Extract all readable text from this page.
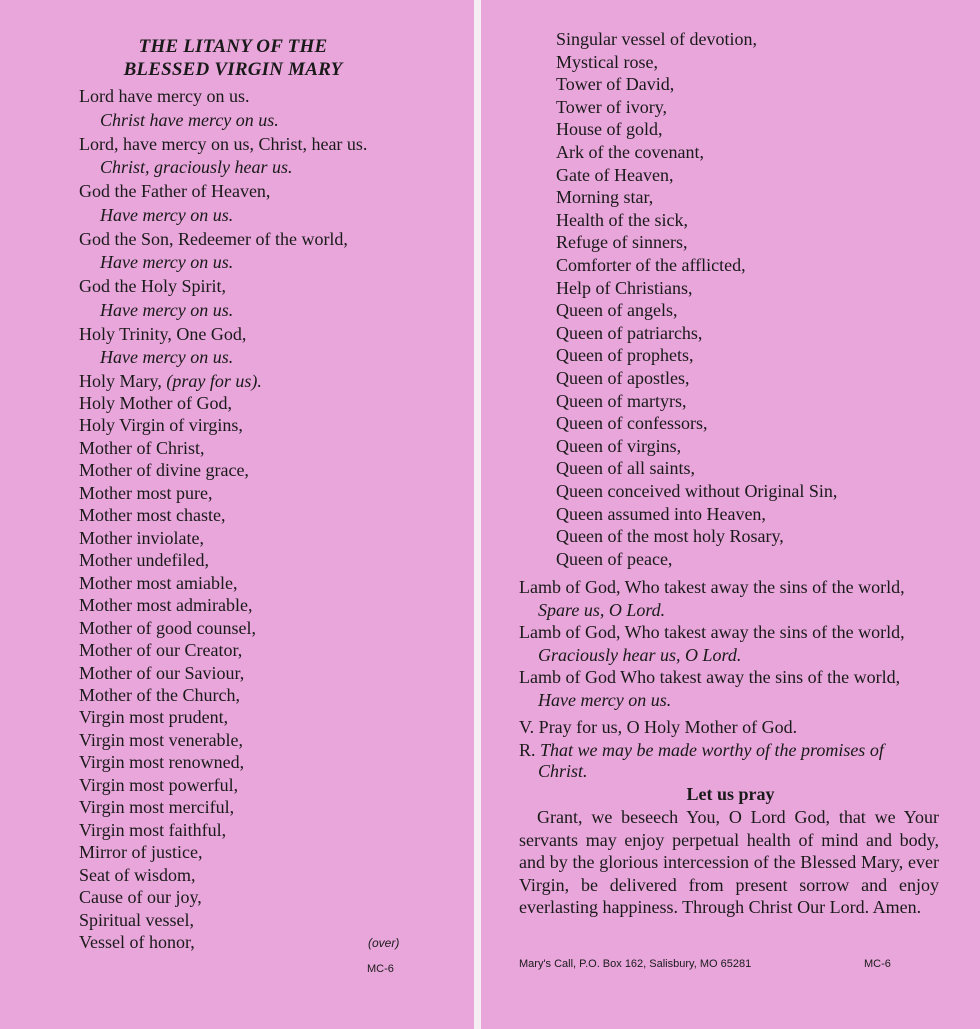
THE LITANY OF THE
BLESSED VIRGIN MARY
Lord have mercy on us.
Christ have mercy on us.
Lord, have mercy on us, Christ, hear us.
Christ, graciously hear us.
God the Father of Heaven,
Have mercy on us.
God the Son, Redeemer of the world,
Have mercy on us.
God the Holy Spirit,
Have mercy on us.
Holy Trinity, One God,
Have mercy on us.
Holy Mary, (pray for us).
Holy Mother of God,
Holy Virgin of virgins,
Mother of Christ,
Mother of divine grace,
Mother most pure,
Mother most chaste,
Mother inviolate,
Mother undefiled,
Mother most amiable,
Mother most admirable,
Mother of good counsel,
Mother of our Creator,
Mother of our Saviour,
Mother of the Church,
Virgin most prudent,
Virgin most venerable,
Virgin most renowned,
Virgin most powerful,
Virgin most merciful,
Virgin most faithful,
Mirror of justice,
Seat of wisdom,
Cause of our joy,
Spiritual vessel,
Vessel of honor,	(over)
MC-6
Singular vessel of devotion,
Mystical rose,
Tower of David,
Tower of ivory,
House of gold,
Ark of the covenant,
Gate of Heaven,
Morning star,
Health of the sick,
Refuge of sinners,
Comforter of the afflicted,
Help of Christians,
Queen of angels,
Queen of patriarchs,
Queen of prophets,
Queen of apostles,
Queen of martyrs,
Queen of confessors,
Queen of virgins,
Queen of all saints,
Queen conceived without Original Sin,
Queen assumed into Heaven,
Queen of the most holy Rosary,
Queen of peace,
Lamb of God, Who takest away the sins of the world,
Spare us, O Lord.
Lamb of God, Who takest away the sins of the world,
Graciously hear us, O Lord.
Lamb of God Who takest away the sins of the world,
Have mercy on us.
V. Pray for us, O Holy Mother of God.
R. That we may be made worthy of the promises of
Christ.
Let us pray
Grant, we beseech You, O Lord God, that we Your servants may enjoy perpetual health of mind and body, and by the glorious intercession of the Blessed Mary, ever Virgin, be delivered from present sorrow and enjoy everlasting happiness. Through Christ Our Lord. Amen.
Mary's Call, P.O. Box 162, Salisbury, MO 65281	MC-6
